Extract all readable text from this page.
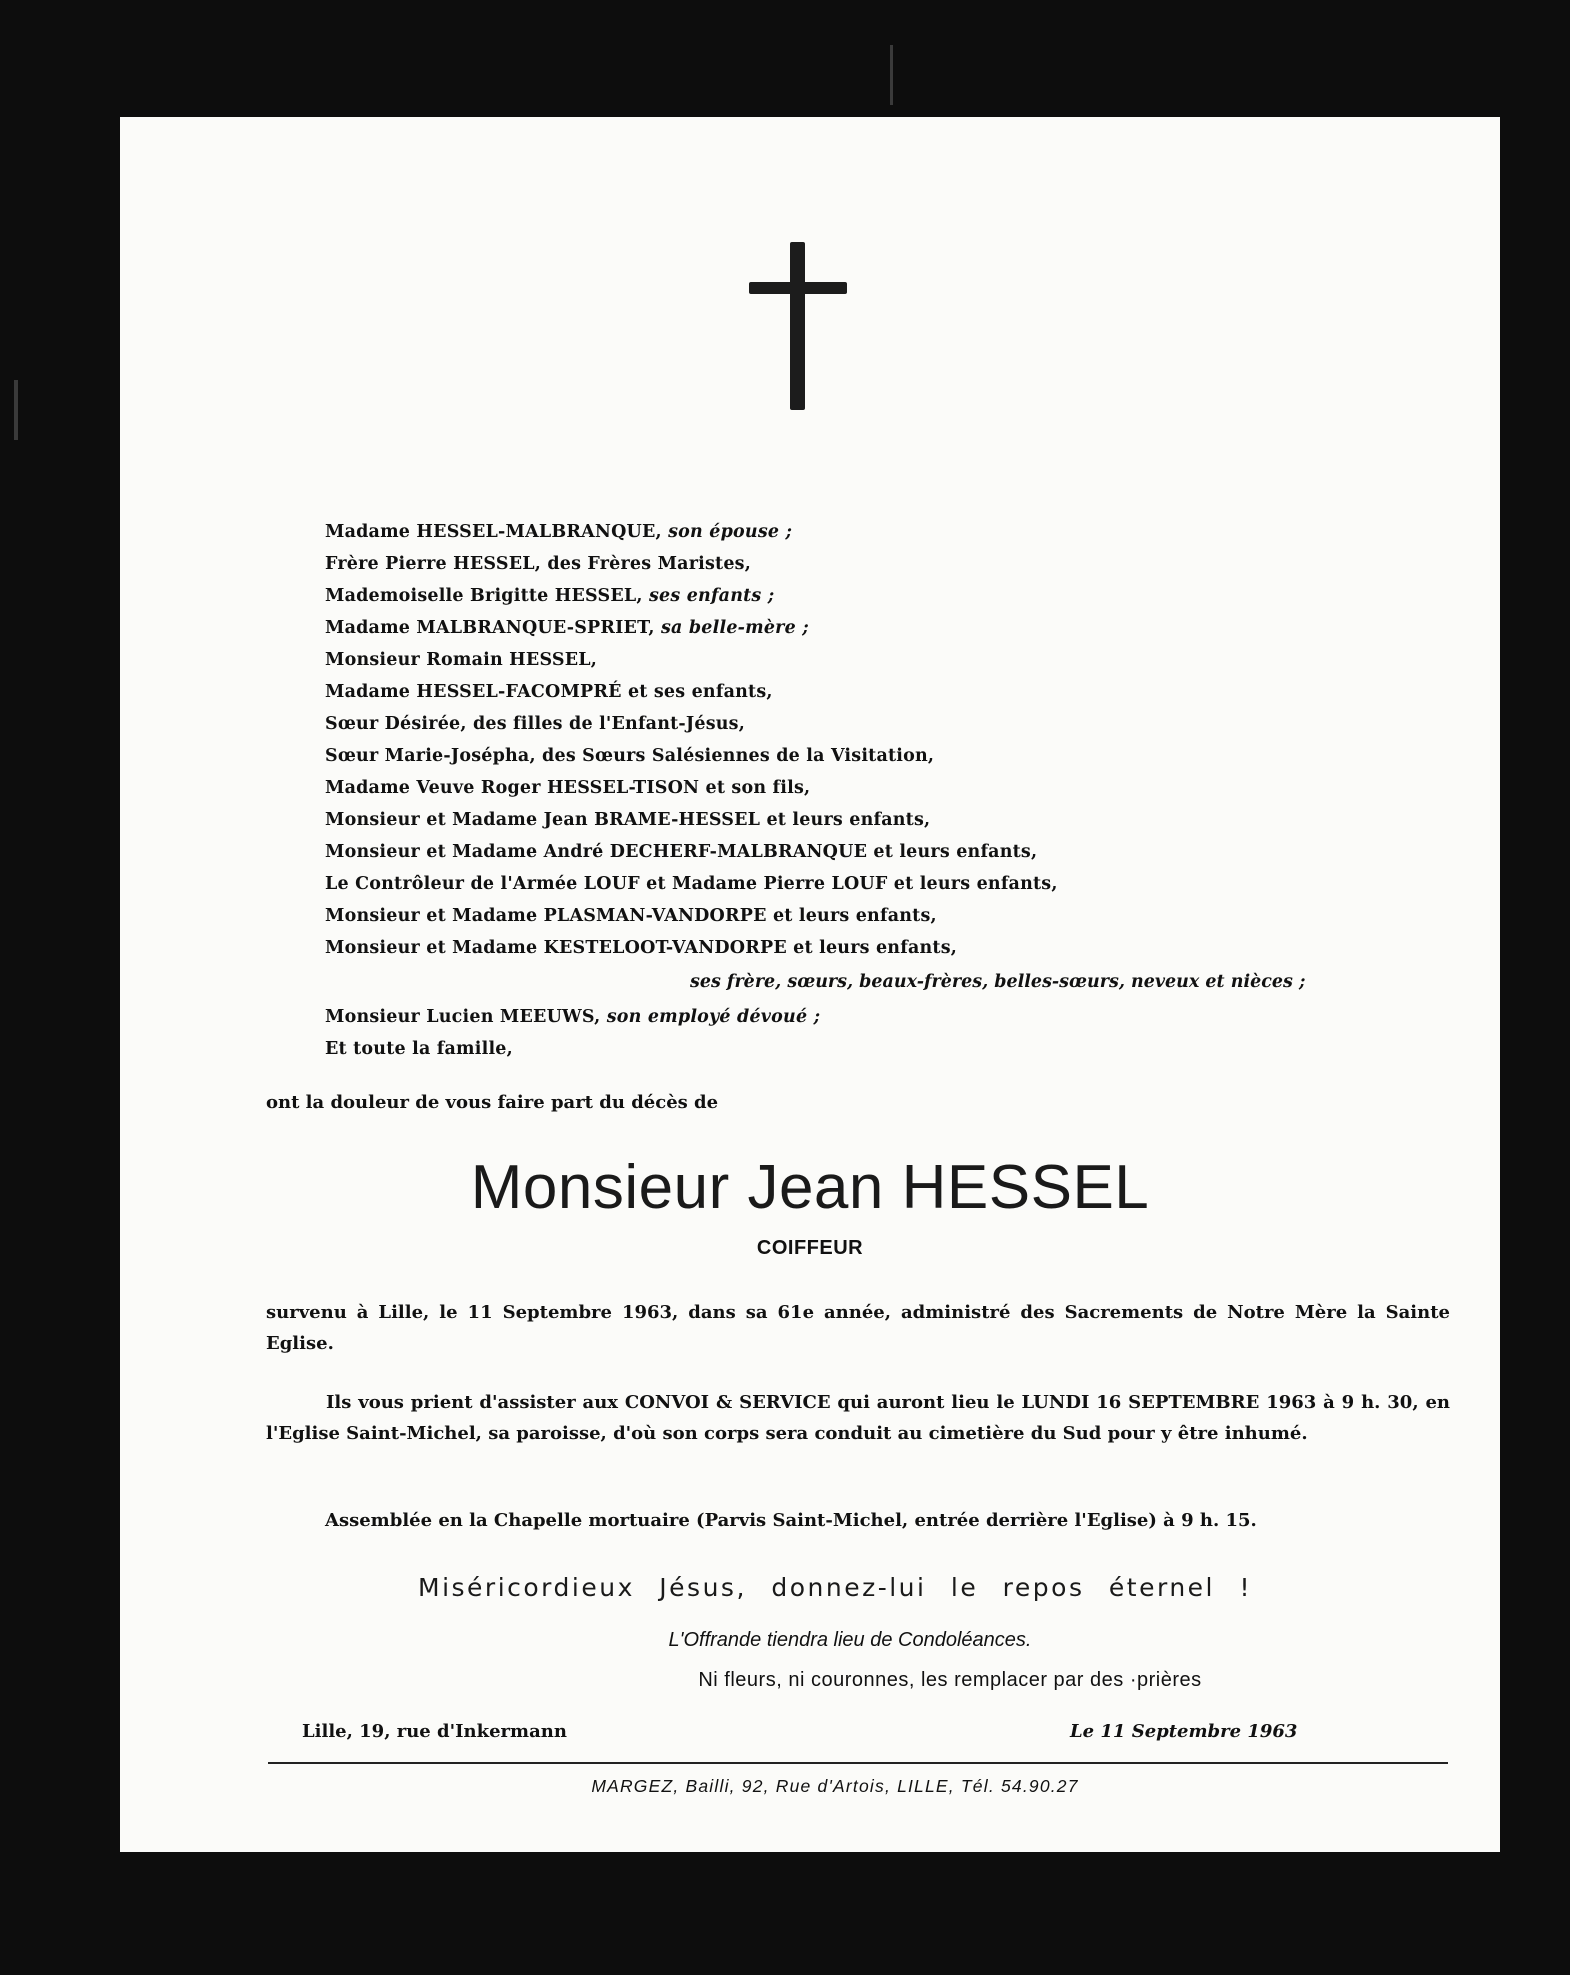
Madame HESSEL-MALBRANQUE, son épouse ;
Frère Pierre HESSEL, des Frères Maristes,
Mademoiselle Brigitte HESSEL, ses enfants ;
Madame MALBRANQUE-SPRIET, sa belle-mère ;
Monsieur Romain HESSEL,
Madame HESSEL-FACOMPRÉ et ses enfants,
Sœur Désirée, des filles de l'Enfant-Jésus,
Sœur Marie-Josépha, des Sœurs Salésiennes de la Visitation,
Madame Veuve Roger HESSEL-TISON et son fils,
Monsieur et Madame Jean BRAME-HESSEL et leurs enfants,
Monsieur et Madame André DECHERF-MALBRANQUE et leurs enfants,
Le Contrôleur de l'Armée LOUF et Madame Pierre LOUF et leurs enfants,
Monsieur et Madame PLASMAN-VANDORPE et leurs enfants,
Monsieur et Madame KESTELOOT-VANDORPE et leurs enfants,
ses frère, sœurs, beaux-frères, belles-sœurs, neveux et nièces ;
Monsieur Lucien MEEUWS, son employé dévoué ;
Et toute la famille,
ont la douleur de vous faire part du décès de
Monsieur Jean HESSEL
COIFFEUR
survenu à Lille, le 11 Septembre 1963, dans sa 61e année, administré des Sacrements de Notre Mère la Sainte Eglise.
Ils vous prient d'assister aux CONVOI & SERVICE qui auront lieu le LUNDI 16 SEPTEMBRE 1963 à 9 h. 30, en l'Eglise Saint-Michel, sa paroisse, d'où son corps sera conduit au cimetière du Sud pour y être inhumé.
Assemblée en la Chapelle mortuaire (Parvis Saint-Michel, entrée derrière l'Eglise) à 9 h. 15.
Miséricordieux Jésus, donnez-lui le repos éternel !
L'Offrande tiendra lieu de Condoléances.
Ni fleurs, ni couronnes, les remplacer par des ·prières
Lille, 19, rue d'Inkermann	Le 11 Septembre 1963
MARGEZ, Bailli, 92, Rue d'Artois, LILLE, Tél. 54.90.27
